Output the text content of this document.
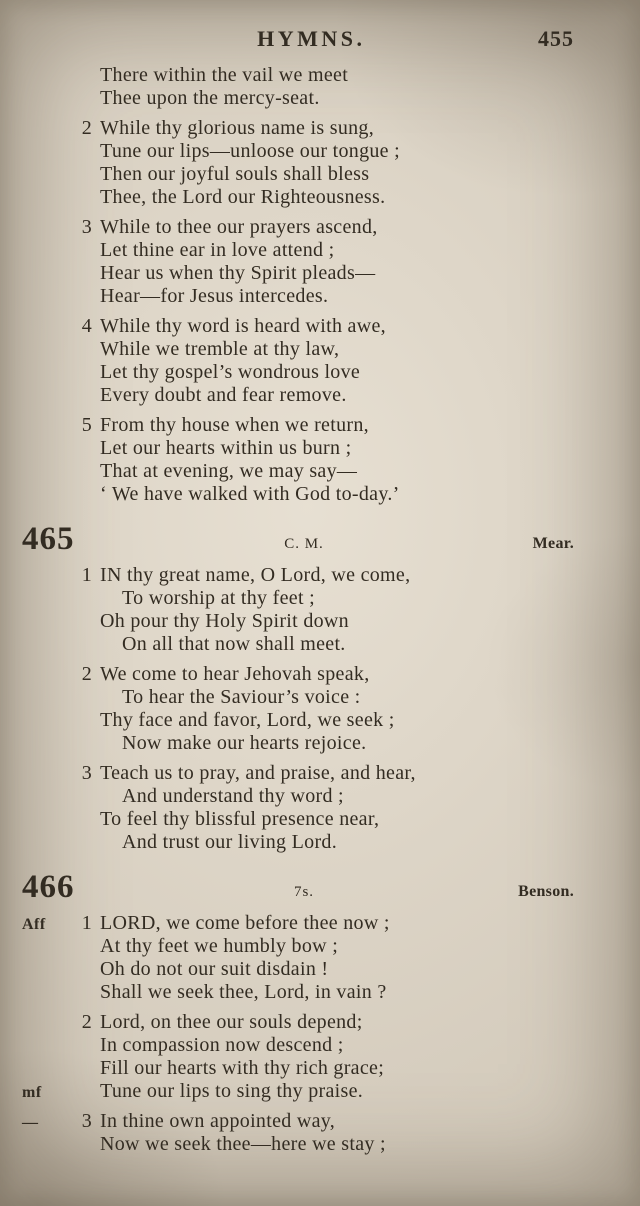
HYMNS.	455
There within the vail we meet
Thee upon the mercy-seat.
2 While thy glorious name is sung,
Tune our lips—unloose our tongue ;
Then our joyful souls shall bless
Thee, the Lord our Righteousness.
3 While to thee our prayers ascend,
Let thine ear in love attend ;
Hear us when thy Spirit pleads—
Hear—for Jesus intercedes.
4 While thy word is heard with awe,
While we tremble at thy law,
Let thy gospel’s wondrous love
Every doubt and fear remove.
5 From thy house when we return,
Let our hearts within us burn ;
That at evening, we may say—
‘ We have walked with God to-day.’
465	C. M.	Mear.
1 IN thy great name, O Lord, we come,
To worship at thy feet ;
Oh pour thy Holy Spirit down
On all that now shall meet.
2 We come to hear Jehovah speak,
To hear the Saviour’s voice :
Thy face and favor, Lord, we seek ;
Now make our hearts rejoice.
3 Teach us to pray, and praise, and hear,
And understand thy word ;
To feel thy blissful presence near,
And trust our living Lord.
466	7s.	Benson.
1
Aff	LORD, we come before thee now ;
At thy feet we humbly bow ;
Oh do not our suit disdain !
Shall we seek thee, Lord, in vain ?
2 Lord, on thee our souls depend;
In compassion now descend ;
Fill our hearts with thy rich grace;
mf	Tune our lips to sing thy praise.
3
—	In thine own appointed way,
Now we seek thee—here we stay ;
